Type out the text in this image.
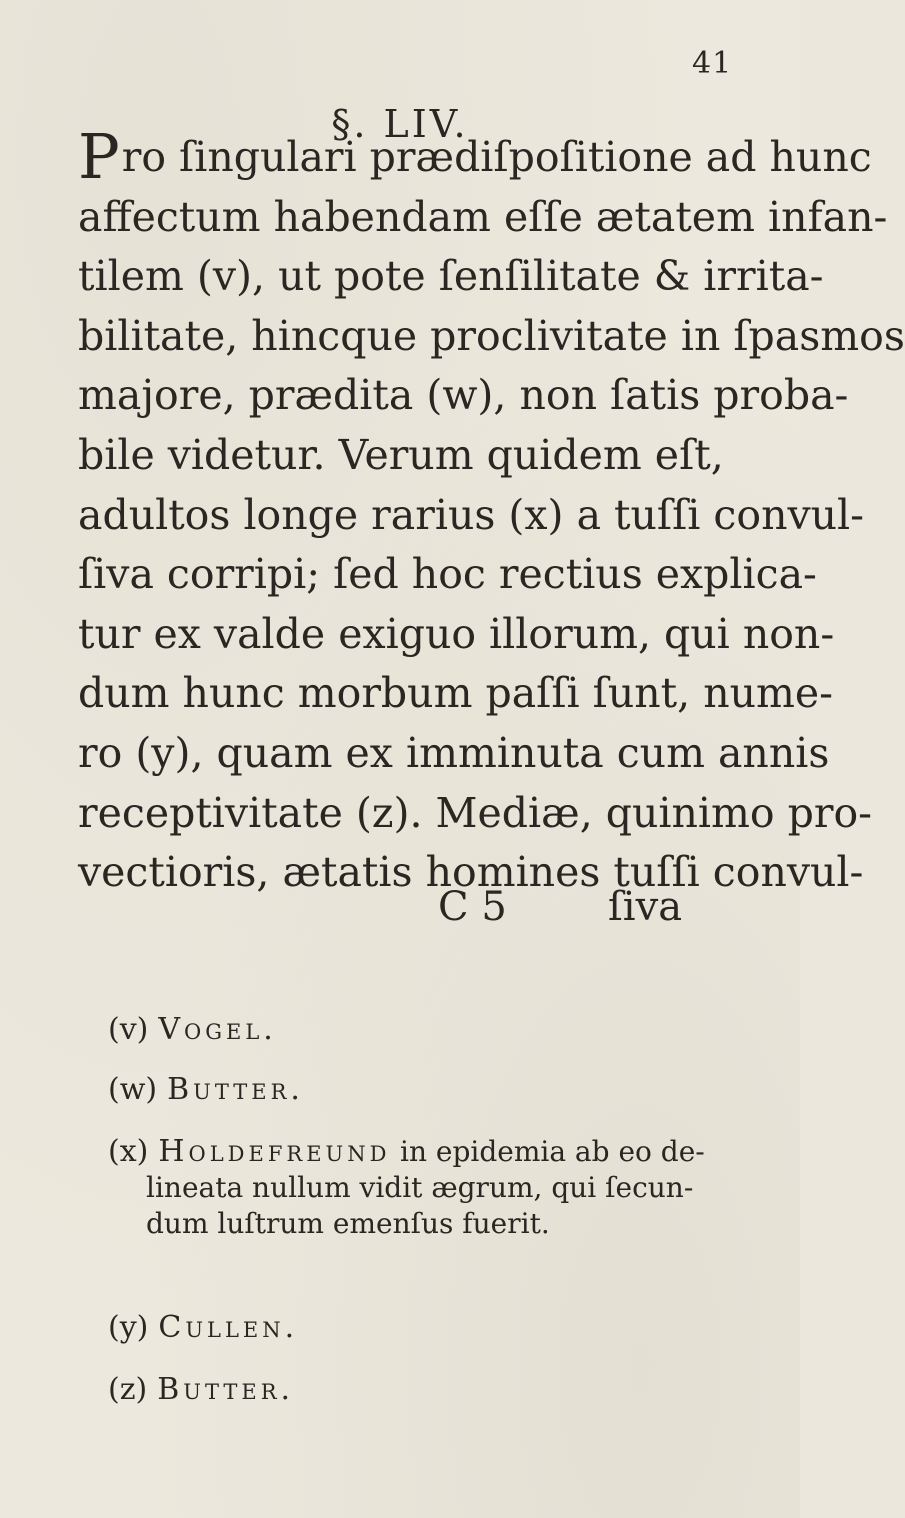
41
§. LIV.
Pro ſingulari prædiſpoſitione ad hunc
affectum habendam eſſe ætatem infan-
tilem (v), ut pote ſenſilitate & irrita-
bilitate, hincque proclivitate in ſpasmos
majore, prædita (w), non ſatis proba-
bile videtur. Verum quidem eſt,
adultos longe rarius (x) a tuſſi convul-
ſiva corripi; ſed hoc rectius explica-
tur ex valde exiguo illorum, qui non-
dum hunc morbum paſſi ſunt, nume-
ro (y), quam ex imminuta cum annis
receptivitate (z). Mediæ, quinimo pro-
vectioris, ætatis homines tuſſi convul-
C 5	ſiva
(v) Vogel.
(w) Butter.
(x) Holdefreund in epidemia ab eo de-
lineata nullum vidit ægrum, qui ſecun-
dum luſtrum emenſus fuerit.
(y) Cullen.
(z) Butter.
